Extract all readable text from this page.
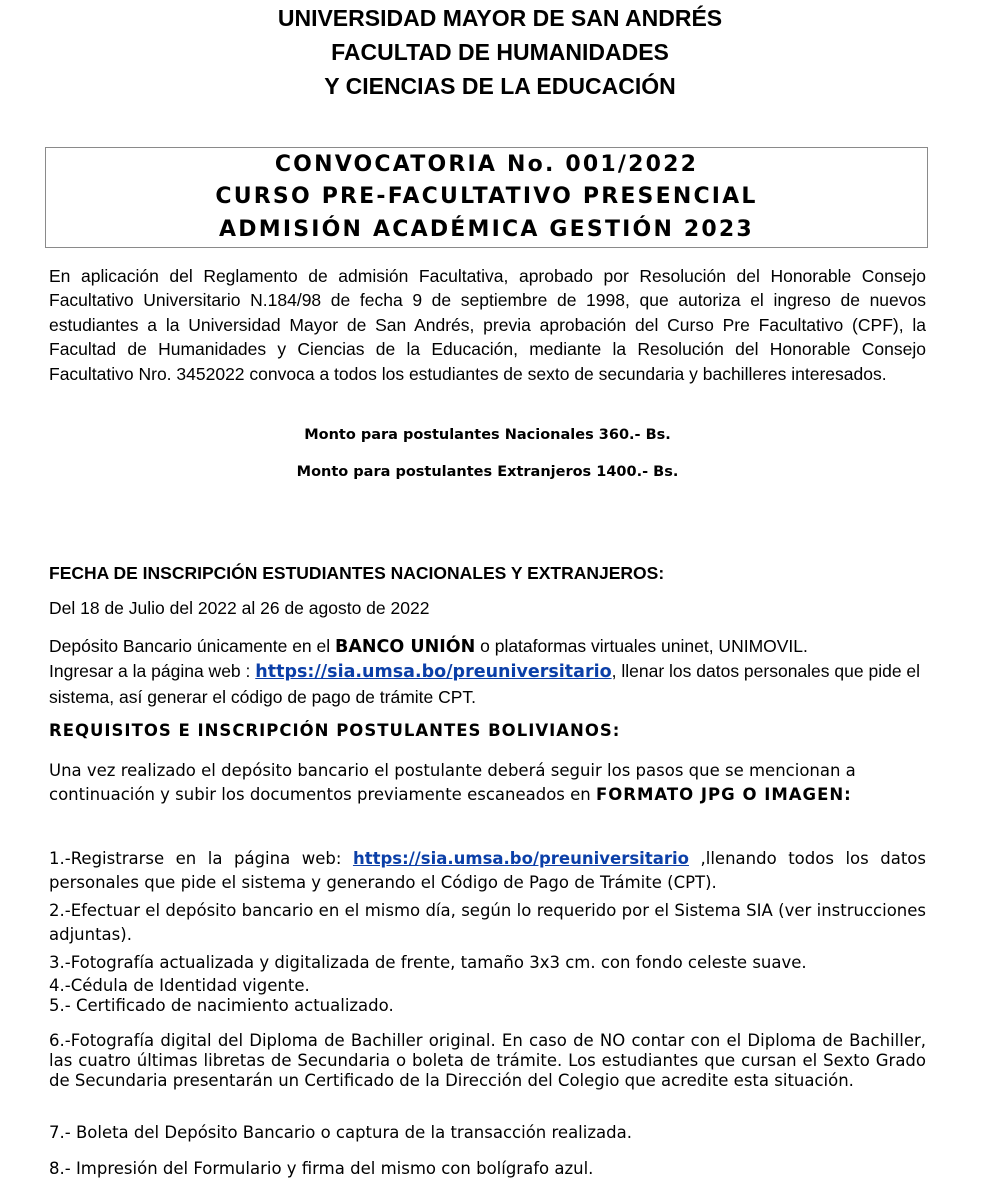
UNIVERSIDAD MAYOR DE SAN ANDRÉS
FACULTAD DE HUMANIDADES
Y CIENCIAS DE LA EDUCACIÓN
CONVOCATORIA No. 001/2022
CURSO PRE-FACULTATIVO PRESENCIAL
ADMISIÓN ACADÉMICA GESTIÓN 2023

En aplicación del Reglamento de admisión Facultativa, aprobado por Resolución del Honorable Consejo Facultativo Universitario N.184/98 de fecha 9 de septiembre de 1998, que autoriza el ingreso de nuevos estudiantes a la Universidad Mayor de San Andrés, previa aprobación del Curso Pre Facultativo (CPF), la Facultad de Humanidades y Ciencias de la Educación, mediante la Resolución del Honorable Consejo Facultativo Nro. 3452022 convoca a todos los estudiantes de sexto de secundaria y bachilleres interesados.

Monto para postulantes Nacionales 360.- Bs.
Monto para postulantes Extranjeros 1400.- Bs.
FECHA DE INSCRIPCIÓN ESTUDIANTES NACIONALES Y EXTRANJEROS:

Del 18 de Julio del 2022 al 26 de agosto de 2022

Depósito Bancario únicamente en el BANCO UNIÓN o plataformas virtuales uninet, UNIMOVIL.
Ingresar a la página web : https://sia.umsa.bo/preuniversitario, llenar los datos personales que pide el sistema, así generar el código de pago de trámite CPT.

REQUISITOS E INSCRIPCIÓN POSTULANTES BOLIVIANOS:

Una vez realizado el depósito bancario el postulante deberá seguir los pasos que se mencionan a continuación y subir los documentos previamente escaneados en FORMATO JPG O IMAGEN:

1.-Registrarse en la página web: https://sia.umsa.bo/preuniversitario ,llenando todos los datos personales que pide el sistema y generando el Código de Pago de Trámite (CPT).

2.-Efectuar el depósito bancario en el mismo día, según lo requerido por el Sistema SIA (ver instrucciones adjuntas).

3.-Fotografía actualizada y digitalizada de frente, tamaño 3x3 cm. con fondo celeste suave.

4.-Cédula de Identidad vigente.

5.- Certificado de nacimiento actualizado.

6.-Fotografía digital del Diploma de Bachiller original. En caso de NO contar con el Diploma de Bachiller, las cuatro últimas libretas de Secundaria o boleta de trámite. Los estudiantes que cursan el Sexto Grado de Secundaria presentarán un Certificado de la Dirección del Colegio que acredite esta situación.

7.- Boleta del Depósito Bancario o captura de la transacción realizada.

8.- Impresión del Formulario y firma del mismo con bolígrafo azul.
